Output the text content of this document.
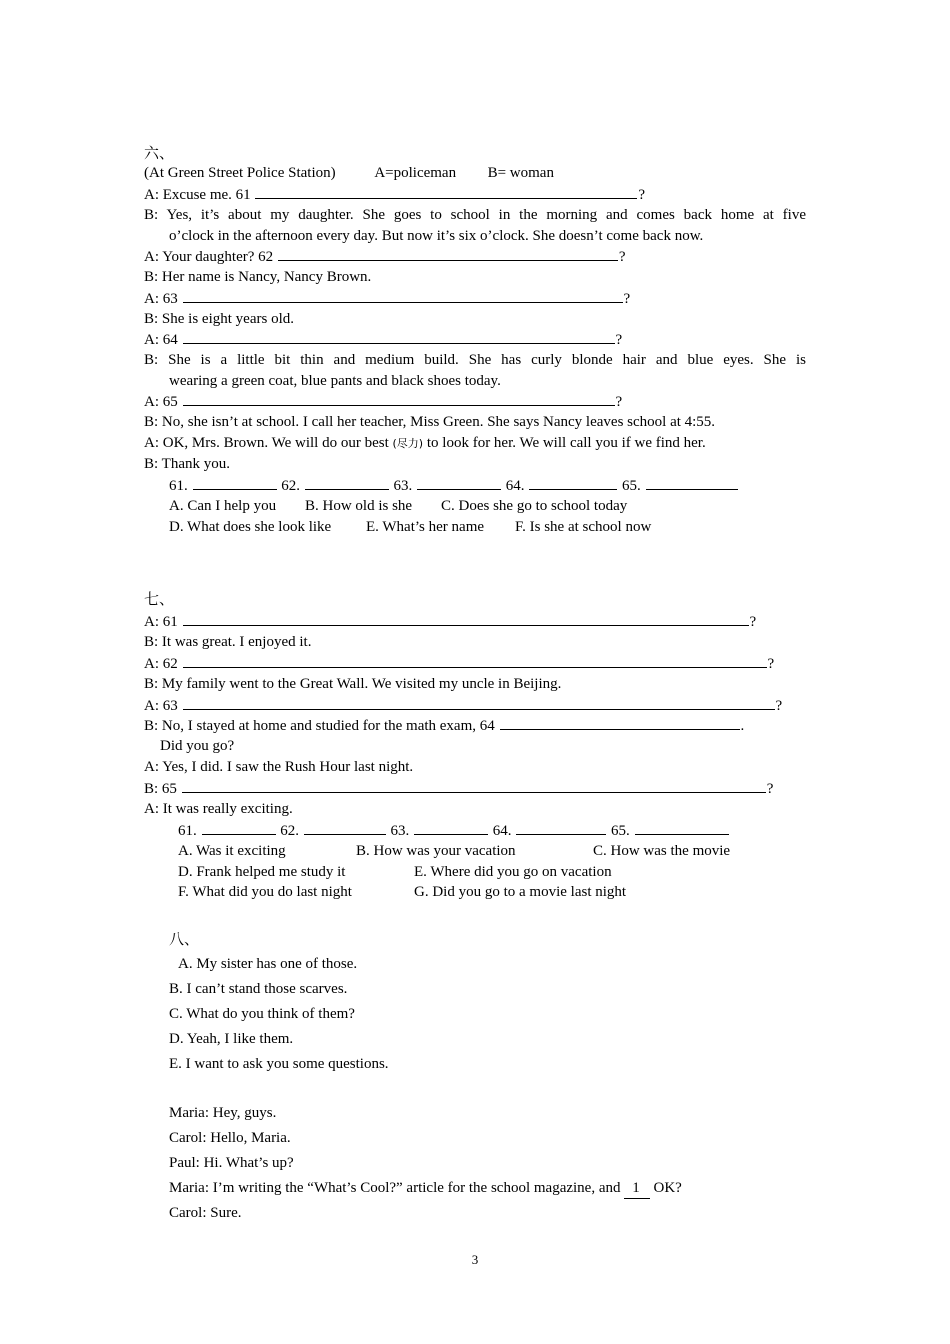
六、
(At Green Street Police Station)	A=policeman B= woman
A: Excuse me. 61	?
B: Yes, it’s about my daughter. She goes to school in the morning and comes back home at five
o’clock in the afternoon every day. But now it’s six o’clock. She doesn’t come back now.
A: Your daughter? 62	?
B: Her name is Nancy, Nancy Brown.
A: 63	?
B: She is eight years old.
A: 64	?
B: She is a little bit thin and medium build. She has curly blonde hair and blue eyes. She is
wearing a green coat, blue pants and black shoes today.
A: 65	?
B: No, she isn’t at school. I call her teacher, Miss Green. She says Nancy leaves school at 4:55.
A: OK, Mrs. Brown. We will do our best (尽力) to look for her. We will call you if we find her.
B: Thank you.
61.	62.	63.	64.	65.
A. Can I help you B. How old is she C. Does she go to school today
D. What does she look like E. What’s her name F. Is she at school now
七、
A: 61	?
B: It was great. I enjoyed it.
A: 62	?
B: My family went to the Great Wall. We visited my uncle in Beijing.
A: 63	?
B: No, I stayed at home and studied for the math exam, 64	.
Did you go?
A: Yes, I did. I saw the Rush Hour last night.
B: 65	?
A: It was really exciting.
61.	62.	63.	64.	65.
A. Was it exciting	B. How was your vacation	C. How was the movie
D. Frank helped me study it	E. Where did you go on vacation
F. What did you do last night	G. Did you go to a movie last night
八、
A. My sister has one of those.
B. I can’t stand those scarves.
C. What do you think of them?
D. Yeah, I like them.
E. I want to ask you some questions.
Maria: Hey, guys.
Carol: Hello, Maria.
Paul: Hi. What’s up?
Maria: I’m writing the “What’s Cool?” article for the school magazine, and 1 OK?
Carol: Sure.
3
